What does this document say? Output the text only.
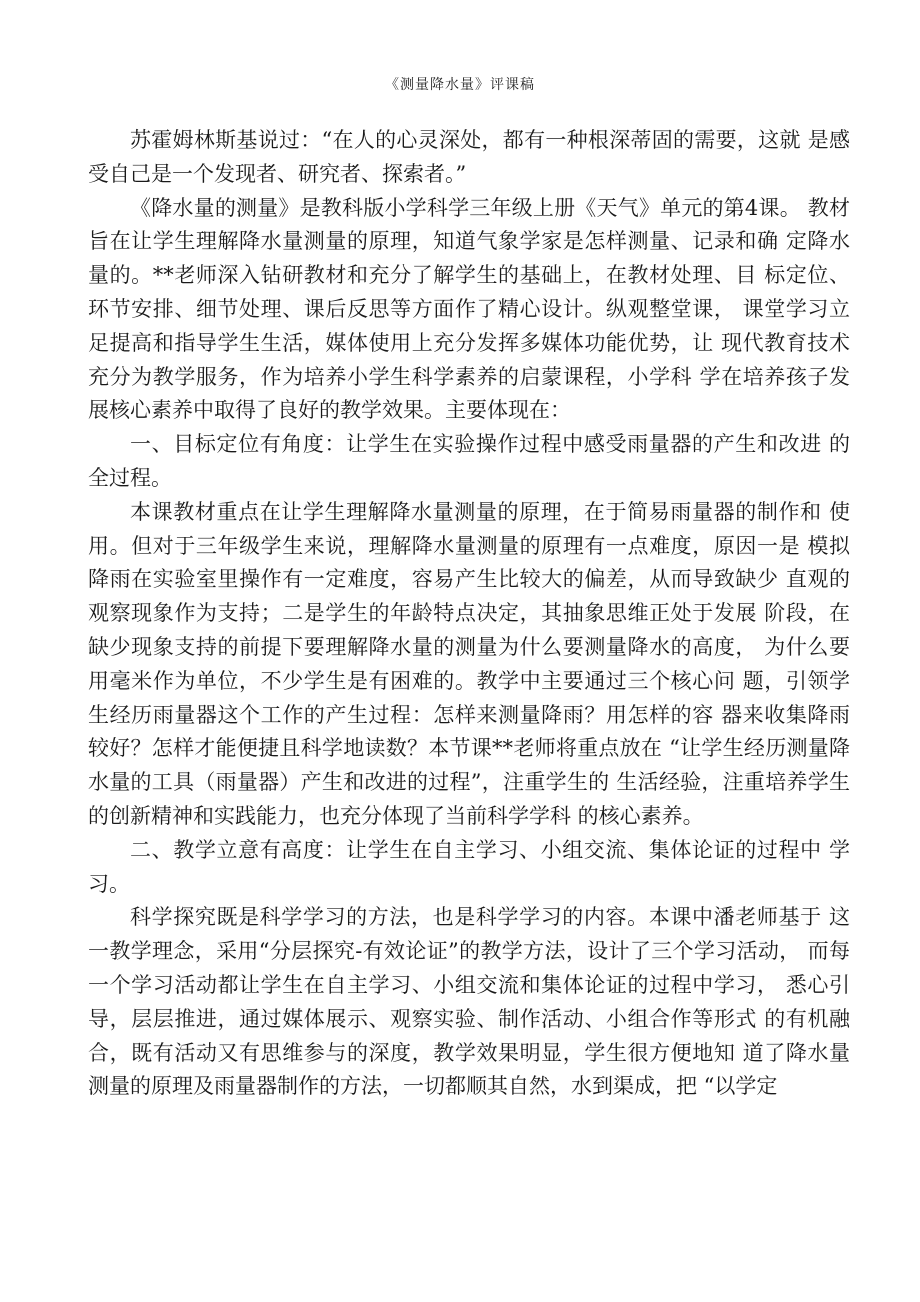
《测量降水量》评课稿

苏霍姆林斯基说过：“在人的心灵深处，都有一种根深蒂固的需要，这就 是感受自己是一个发现者、研究者、探索者。”

《降水量的测量》是教科版小学科学三年级上册《天气》单元的第4课。 教材旨在让学生理解降水量测量的原理，知道气象学家是怎样测量、记录和确 定降水量的。**老师深入钻研教材和充分了解学生的基础上，在教材处理、目 标定位、环节安排、细节处理、课后反思等方面作了精心设计。纵观整堂课， 课堂学习立足提高和指导学生生活，媒体使用上充分发挥多媒体功能优势，让 现代教育技术充分为教学服务，作为培养小学生科学素养的启蒙课程，小学科 学在培养孩子发展核心素养中取得了良好的教学效果。主要体现在：

一、目标定位有角度：让学生在实验操作过程中感受雨量器的产生和改进 的全过程。

本课教材重点在让学生理解降水量测量的原理，在于简易雨量器的制作和 使用。但对于三年级学生来说，理解降水量测量的原理有一点难度，原因一是 模拟降雨在实验室里操作有一定难度，容易产生比较大的偏差，从而导致缺少 直观的观察现象作为支持；二是学生的年龄特点决定，其抽象思维正处于发展 阶段，在缺少现象支持的前提下要理解降水量的测量为什么要测量降水的高度， 为什么要用毫米作为单位，不少学生是有困难的。教学中主要通过三个核心问 题，引领学生经历雨量器这个工作的产生过程：怎样来测量降雨？用怎样的容 器来收集降雨较好？怎样才能便捷且科学地读数？本节课**老师将重点放在 “让学生经历测量降水量的工具（雨量器）产生和改进的过程”，注重学生的 生活经验，注重培养学生的创新精神和实践能力，也充分体现了当前科学学科 的核心素养。

二、教学立意有高度：让学生在自主学习、小组交流、集体论证的过程中 学习。

科学探究既是科学学习的方法，也是科学学习的内容。本课中潘老师基于 这一教学理念，采用“分层探究-有效论证”的教学方法，设计了三个学习活动， 而每一个学习活动都让学生在自主学习、小组交流和集体论证的过程中学习， 悉心引导，层层推进，通过媒体展示、观察实验、制作活动、小组合作等形式 的有机融合，既有活动又有思维参与的深度，教学效果明显，学生很方便地知 道了降水量测量的原理及雨量器制作的方法，一切都顺其自然，水到渠成，把 “以学定
